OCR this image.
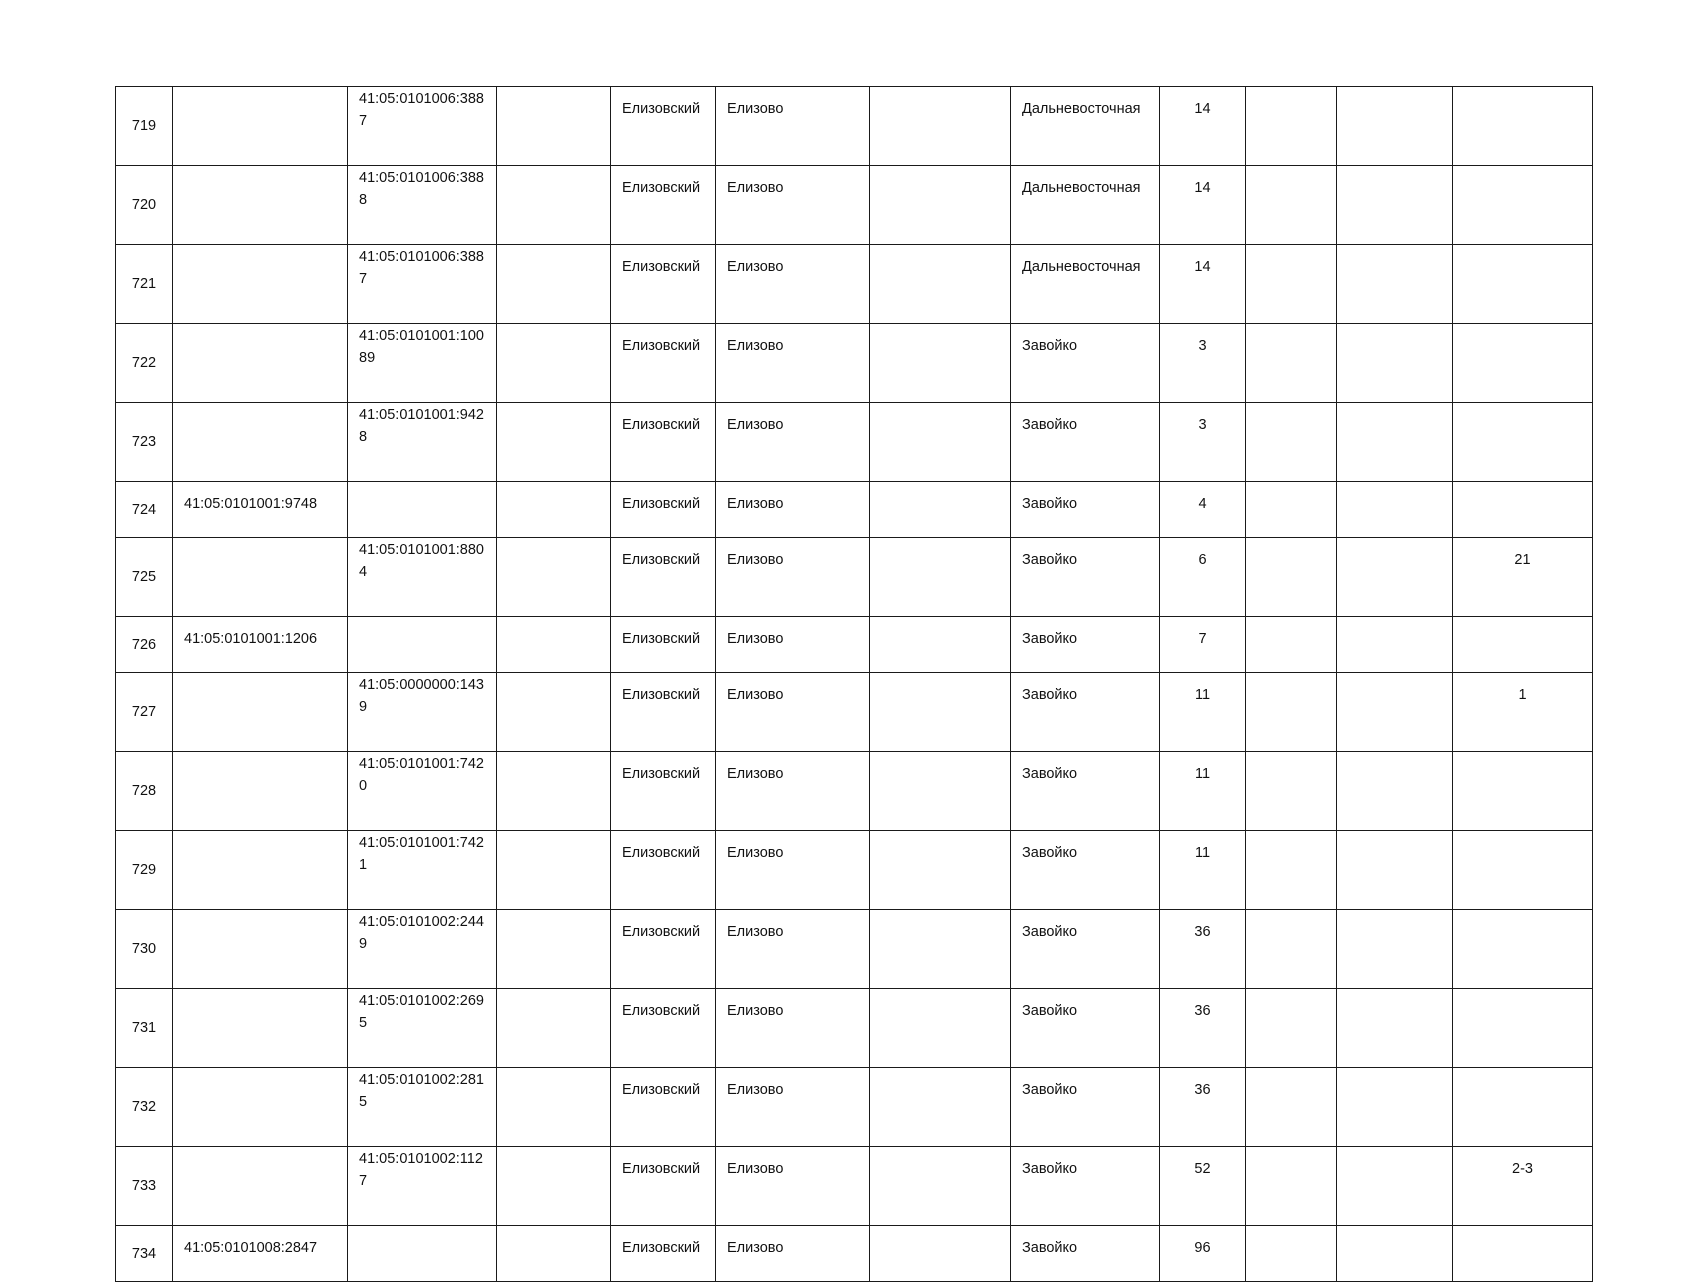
719		41:05:0101006:3887		Елизовский	Елизово		Дальневосточная	14			

720		41:05:0101006:3888		Елизовский	Елизово		Дальневосточная	14			

721		41:05:0101006:3887		Елизовский	Елизово		Дальневосточная	14			

722		41:05:0101001:10089		Елизовский	Елизово		Завойко	3			

723		41:05:0101001:9428		Елизовский	Елизово		Завойко	3			

724	41:05:0101001:9748			Елизовский	Елизово		Завойко	4			

725		41:05:0101001:8804		Елизовский	Елизово		Завойко	6			21

726	41:05:0101001:1206			Елизовский	Елизово		Завойко	7			

727		41:05:0000000:1439		Елизовский	Елизово		Завойко	11			1

728		41:05:0101001:7420		Елизовский	Елизово		Завойко	11			

729		41:05:0101001:7421		Елизовский	Елизово		Завойко	11			

730		41:05:0101002:2449		Елизовский	Елизово		Завойко	36			

731		41:05:0101002:2695		Елизовский	Елизово		Завойко	36			

732		41:05:0101002:2815		Елизовский	Елизово		Завойко	36			

733		41:05:0101002:1127		Елизовский	Елизово		Завойко	52			2-3

734	41:05:0101008:2847			Елизовский	Елизово		Завойко	96			
